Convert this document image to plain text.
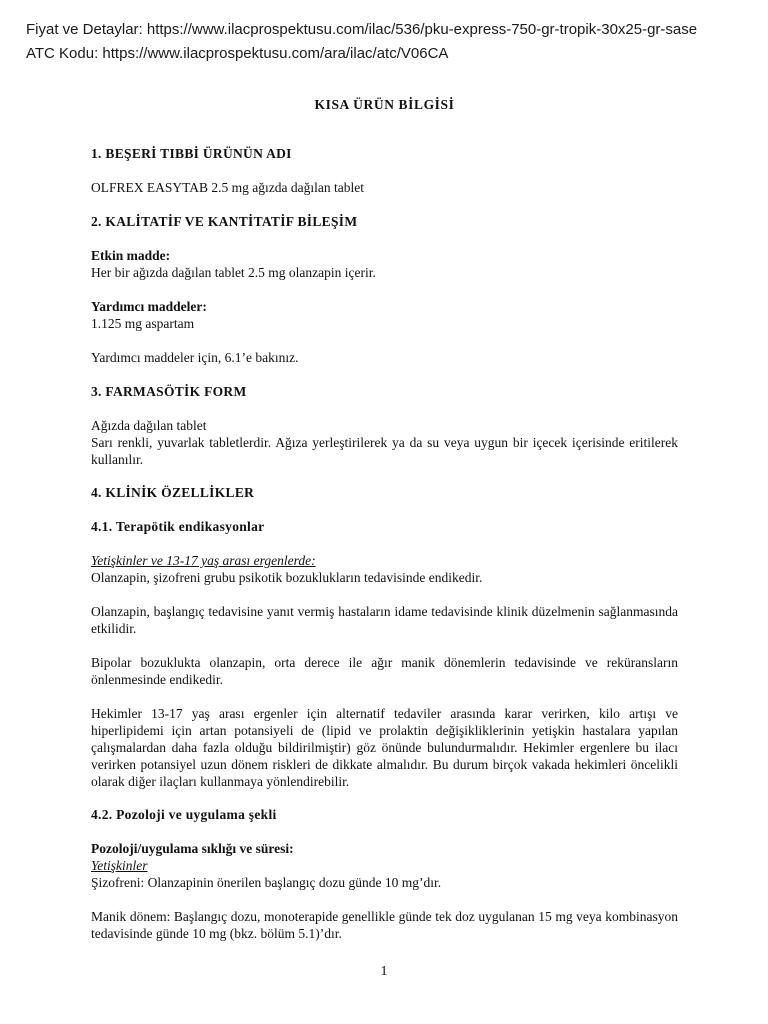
Fiyat ve Detaylar: https://www.ilacprospektusu.com/ilac/536/pku-express-750-gr-tropik-30x25-gr-sase
ATC Kodu: https://www.ilacprospektusu.com/ara/ilac/atc/V06CA

KISA ÜRÜN BİLGİSİ

1. BEŞERİ TIBBİ ÜRÜNÜN ADI

OLFREX EASYTAB 2.5 mg ağızda dağılan tablet

2. KALİTATİF VE KANTİTATİF BİLEŞİM

Etkin madde:

Her bir ağızda dağılan tablet 2.5 mg olanzapin içerir.

Yardımcı maddeler:

1.125 mg aspartam

Yardımcı maddeler için, 6.1’e bakınız.

3. FARMASÖTİK FORM

Ağızda dağılan tablet

Sarı renkli, yuvarlak tabletlerdir. Ağıza yerleştirilerek ya da su veya uygun bir içecek içerisinde eritilerek kullanılır.

4. KLİNİK ÖZELLİKLER

4.1. Terapötik endikasyonlar

Yetişkinler ve 13-17 yaş arası ergenlerde:

Olanzapin, şizofreni grubu psikotik bozuklukların tedavisinde endikedir.

Olanzapin, başlangıç tedavisine yanıt vermiş hastaların idame tedavisinde klinik düzelmenin sağlanmasında etkilidir.

Bipolar bozuklukta olanzapin, orta derece ile ağır manik dönemlerin tedavisinde ve reküransların önlenmesinde endikedir.

Hekimler 13-17 yaş arası ergenler için alternatif tedaviler arasında karar verirken, kilo artışı ve hiperlipidemi için artan potansiyeli de (lipid ve prolaktin değişikliklerinin yetişkin hastalara yapılan çalışmalardan daha fazla olduğu bildirilmiştir) göz önünde bulundurmalıdır. Hekimler ergenlere bu ilacı verirken potansiyel uzun dönem riskleri de dikkate almalıdır. Bu durum birçok vakada hekimleri öncelikli olarak diğer ilaçları kullanmaya yönlendirebilir.

4.2. Pozoloji ve uygulama şekli

Pozoloji/uygulama sıklığı ve süresi:

Yetişkinler

Şizofreni: Olanzapinin önerilen başlangıç dozu günde 10 mg’dır.

Manik dönem: Başlangıç dozu, monoterapide genellikle günde tek doz uygulanan 15 mg veya kombinasyon tedavisinde günde 10 mg (bkz. bölüm 5.1)’dır.

1
